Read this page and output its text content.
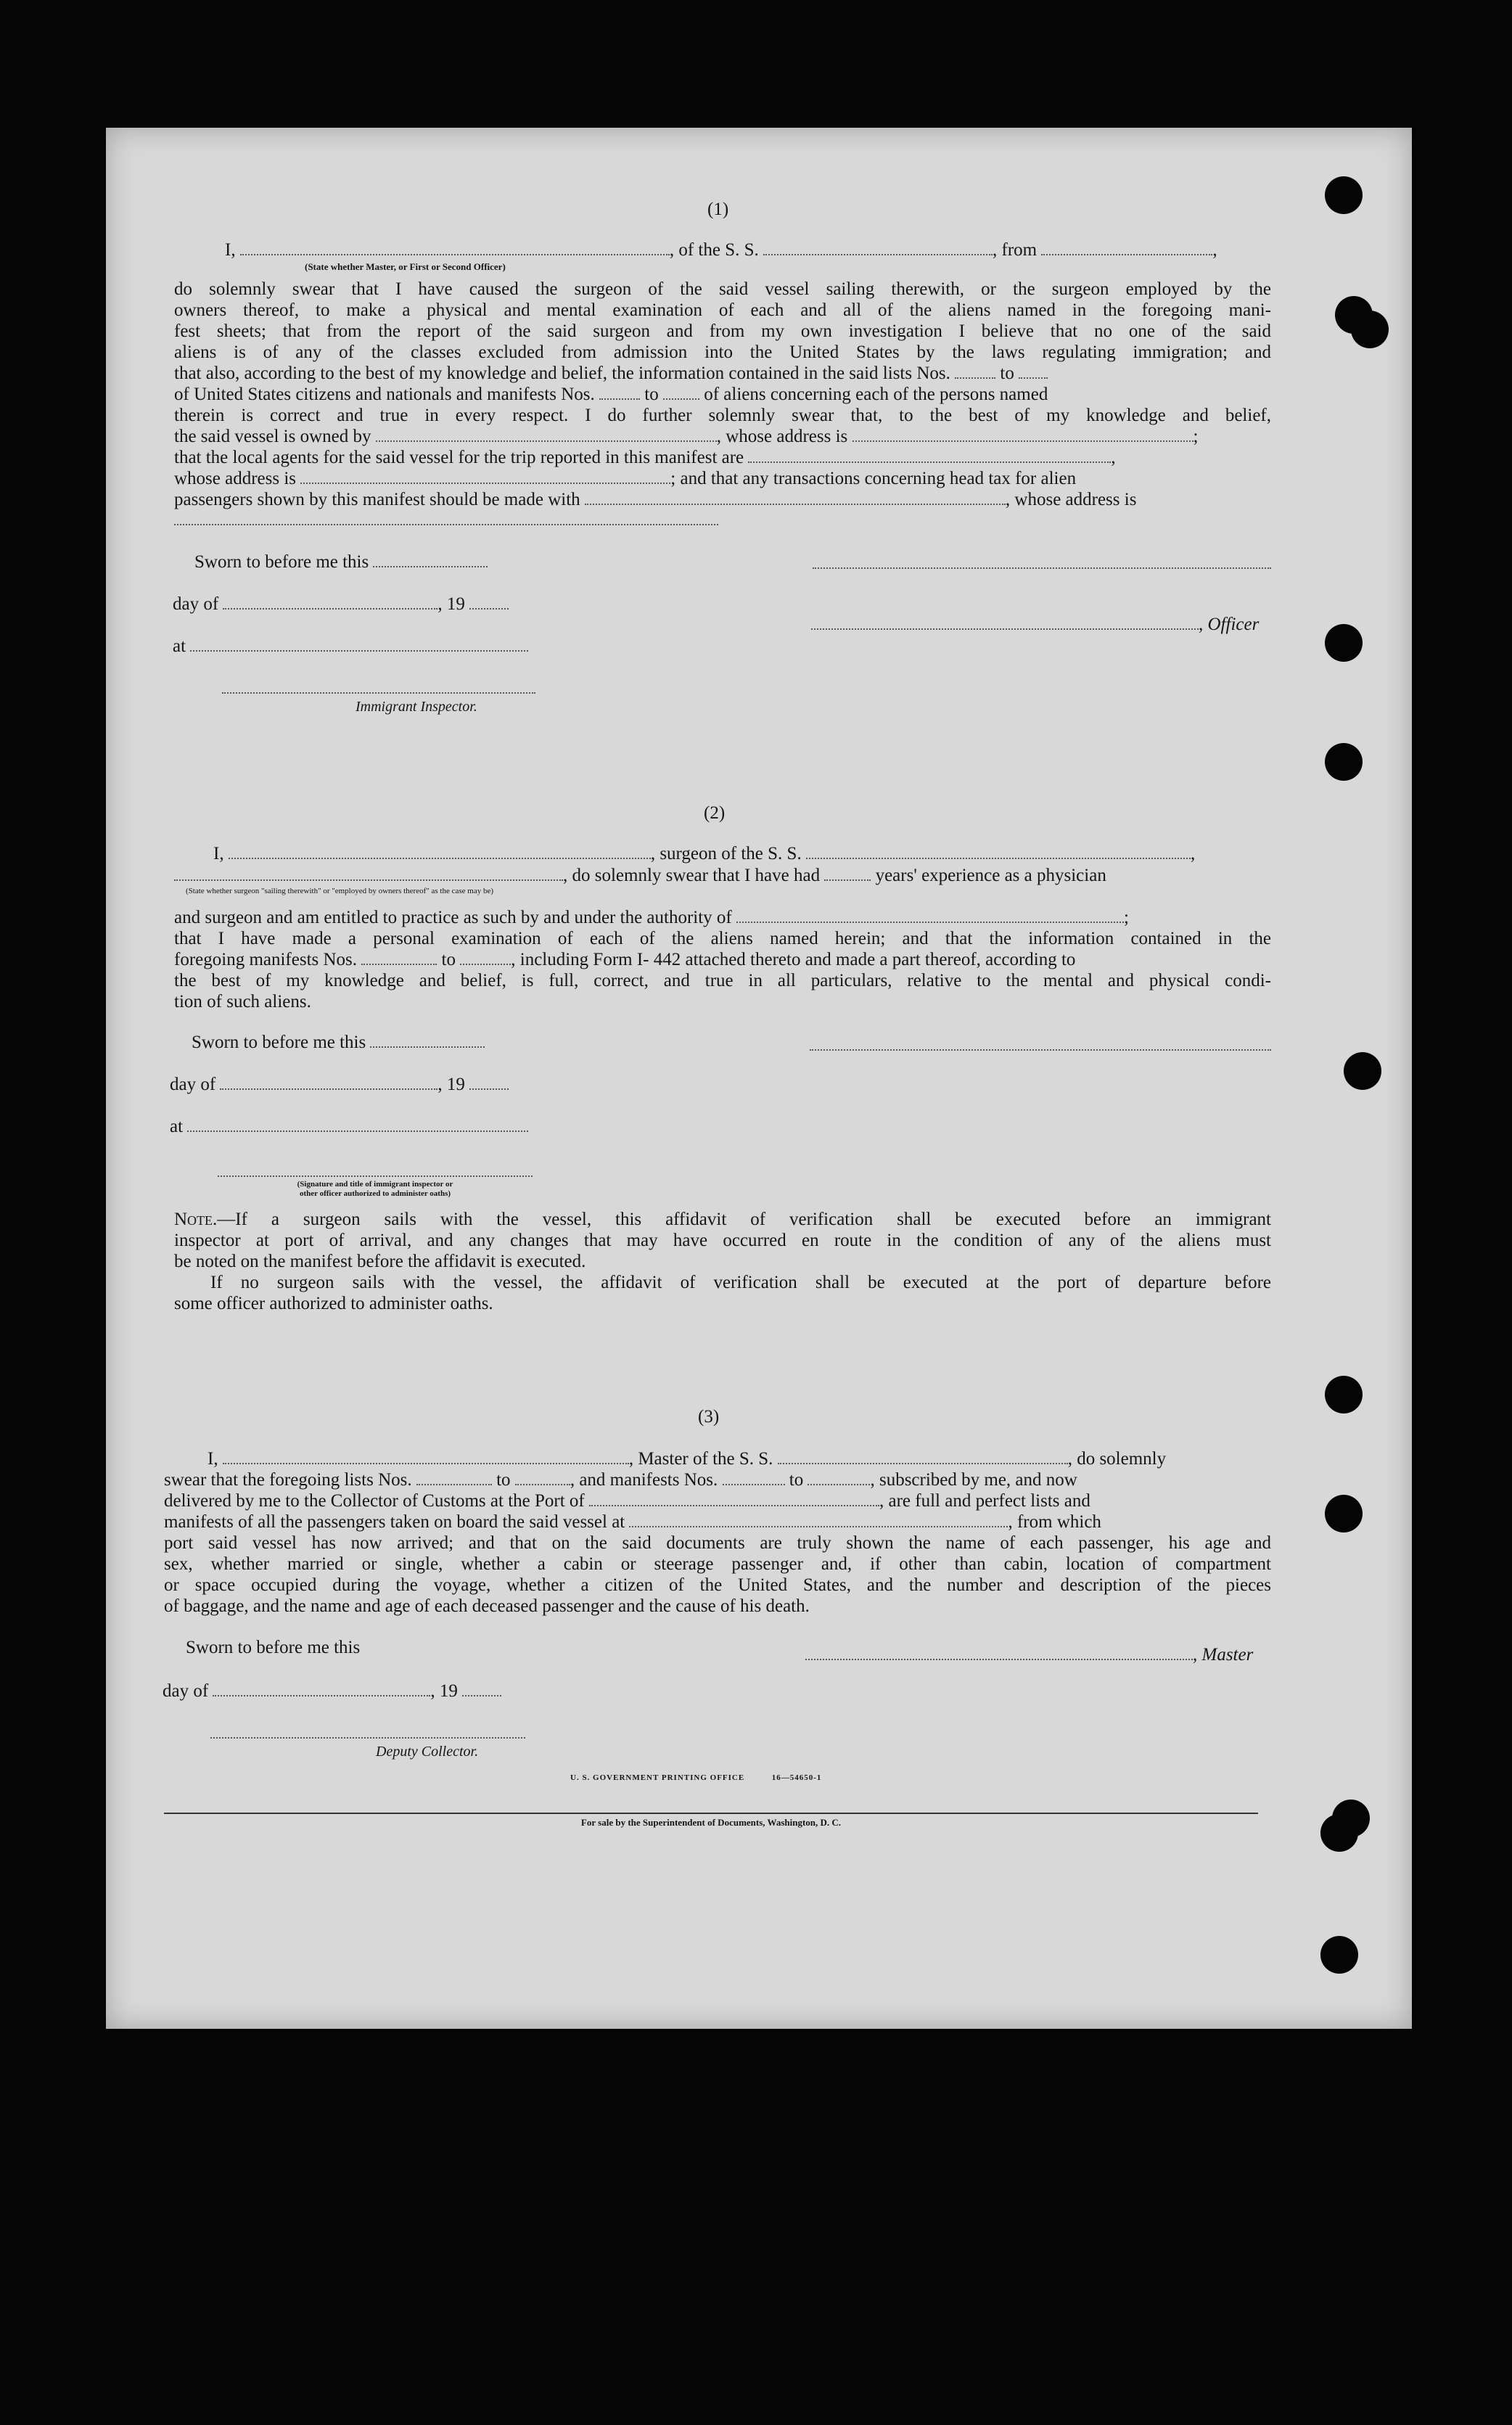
(1)
I,	, of the S. S.	, from	,
(State whether Master, or First or Second Officer)
do solemnly swear that I have caused the surgeon of the said vessel sailing therewith, or the surgeon employed by the
owners thereof, to make a physical and mental examination of each and all of the aliens named in the foregoing mani-
fest sheets; that from the report of the said surgeon and from my own investigation I believe that no one of the said
aliens is of any of the classes excluded from admission into the United States by the laws regulating immigration; and
that also, according to the best of my knowledge and belief, the information contained in the said lists Nos.	to
of United States citizens and nationals and manifests Nos.	to	of aliens concerning each of the persons named
therein is correct and true in every respect. I do further solemnly swear that, to the best of my knowledge and belief,
the said vessel is owned by	, whose address is	;
that the local agents for the said vessel for the trip reported in this manifest are	,
whose address is	; and that any transactions concerning head tax for alien
passengers shown by this manifest should be made with	, whose address is
Sworn to before me this
day of	, 19
, Officer
at
Immigrant Inspector.
(2)
I,	, surgeon of the S. S.	,
, do solemnly swear that I have had	years' experience as a physician
(State whether surgeon "sailing therewith" or "employed by owners thereof" as the case may be)
and surgeon and am entitled to practice as such by and under the authority of	;
that I have made a personal examination of each of the aliens named herein; and that the information contained in the
foregoing manifests Nos.	to	, including Form I- 442 attached thereto and made a part thereof, according to
the best of my knowledge and belief, is full, correct, and true in all particulars, relative to the mental and physical condi-
tion of such aliens.
Sworn to before me this
day of	, 19
at
(Signature and title of immigrant inspector or
other officer authorized to administer oaths)
Note.—If a surgeon sails with the vessel, this affidavit of verification shall be executed before an immigrant
inspector at port of arrival, and any changes that may have occurred en route in the condition of any of the aliens must
be noted on the manifest before the affidavit is executed.
If no surgeon sails with the vessel, the affidavit of verification shall be executed at the port of departure before
some officer authorized to administer oaths.
(3)
I,	, Master of the S. S.	, do solemnly
swear that the foregoing lists Nos.	to	, and manifests Nos.	to	, subscribed by me, and now
delivered by me to the Collector of Customs at the Port of	, are full and perfect lists and
manifests of all the passengers taken on board the said vessel at	, from which
port said vessel has now arrived; and that on the said documents are truly shown the name of each passenger, his age and
sex, whether married or single, whether a cabin or steerage passenger and, if other than cabin, location of compartment
or space occupied during the voyage, whether a citizen of the United States, and the number and description of the pieces
of baggage, and the name and age of each deceased passenger and the cause of his death.
Sworn to before me this	, Master
day of	, 19
Deputy Collector.
U. S. GOVERNMENT PRINTING OFFICE	16—54650-1
For sale by the Superintendent of Documents, Washington, D. C.
